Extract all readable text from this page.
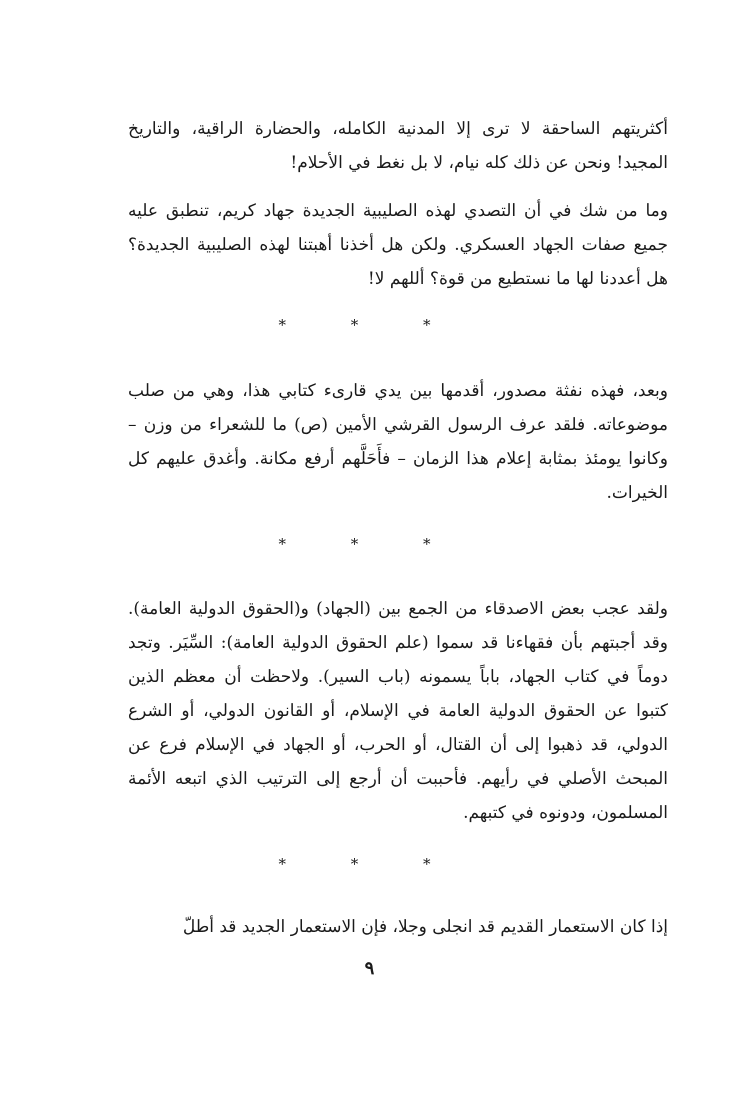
أكثريتهم الساحقة لا ترى إلا المدنية الكامله، والحضارة الراقية، والتاريخ المجيد! ونحن عن ذلك كله نيام، لا بل نغط في الأحلام!

وما من شك في أن التصدي لهذه الصليبية الجديدة جهاد كريم، تنطبق عليه جميع صفات الجهاد العسكري. ولكن هل أخذنا أهبتنا لهذه الصليبية الجديدة؟ هل أعددنا لها ما نستطيع من قوة؟ أللهم لا!

* * *

وبعد، فهذه نفثة مصدور، أقدمها بين يدي قارىء كتابي هذا، وهي من صلب موضوعاته. فلقد عرف الرسول القرشي الأمين (ص) ما للشعراء من وزن – وكانوا يومئذ بمثابة إعلام هذا الزمان – فأَحَلَّهم أرفع مكانة. وأغدق عليهم كل الخيرات.

* * *

ولقد عجب بعض الاصدقاء من الجمع بين (الجهاد) و(الحقوق الدولية العامة). وقد أجبتهم بأن فقهاءنا قد سموا (علم الحقوق الدولية العامة): السِّيَر. وتجد دوماً في كتاب الجهاد، باباً يسمونه (باب السير). ولاحظت أن معظم الذين كتبوا عن الحقوق الدولية العامة في الإسلام، أو القانون الدولي، أو الشرع الدولي، قد ذهبوا إلى أن القتال، أو الحرب، أو الجهاد في الإسلام فرع عن المبحث الأصلي في رأيهم. فأحببت أن أرجع إلى الترتيب الذي اتبعه الأئمة المسلمون، ودونوه في كتبهم.

* * *

إذا كان الاستعمار القديم قد انجلى وجلا، فإن الاستعمار الجديد قد أطلّ

٩
